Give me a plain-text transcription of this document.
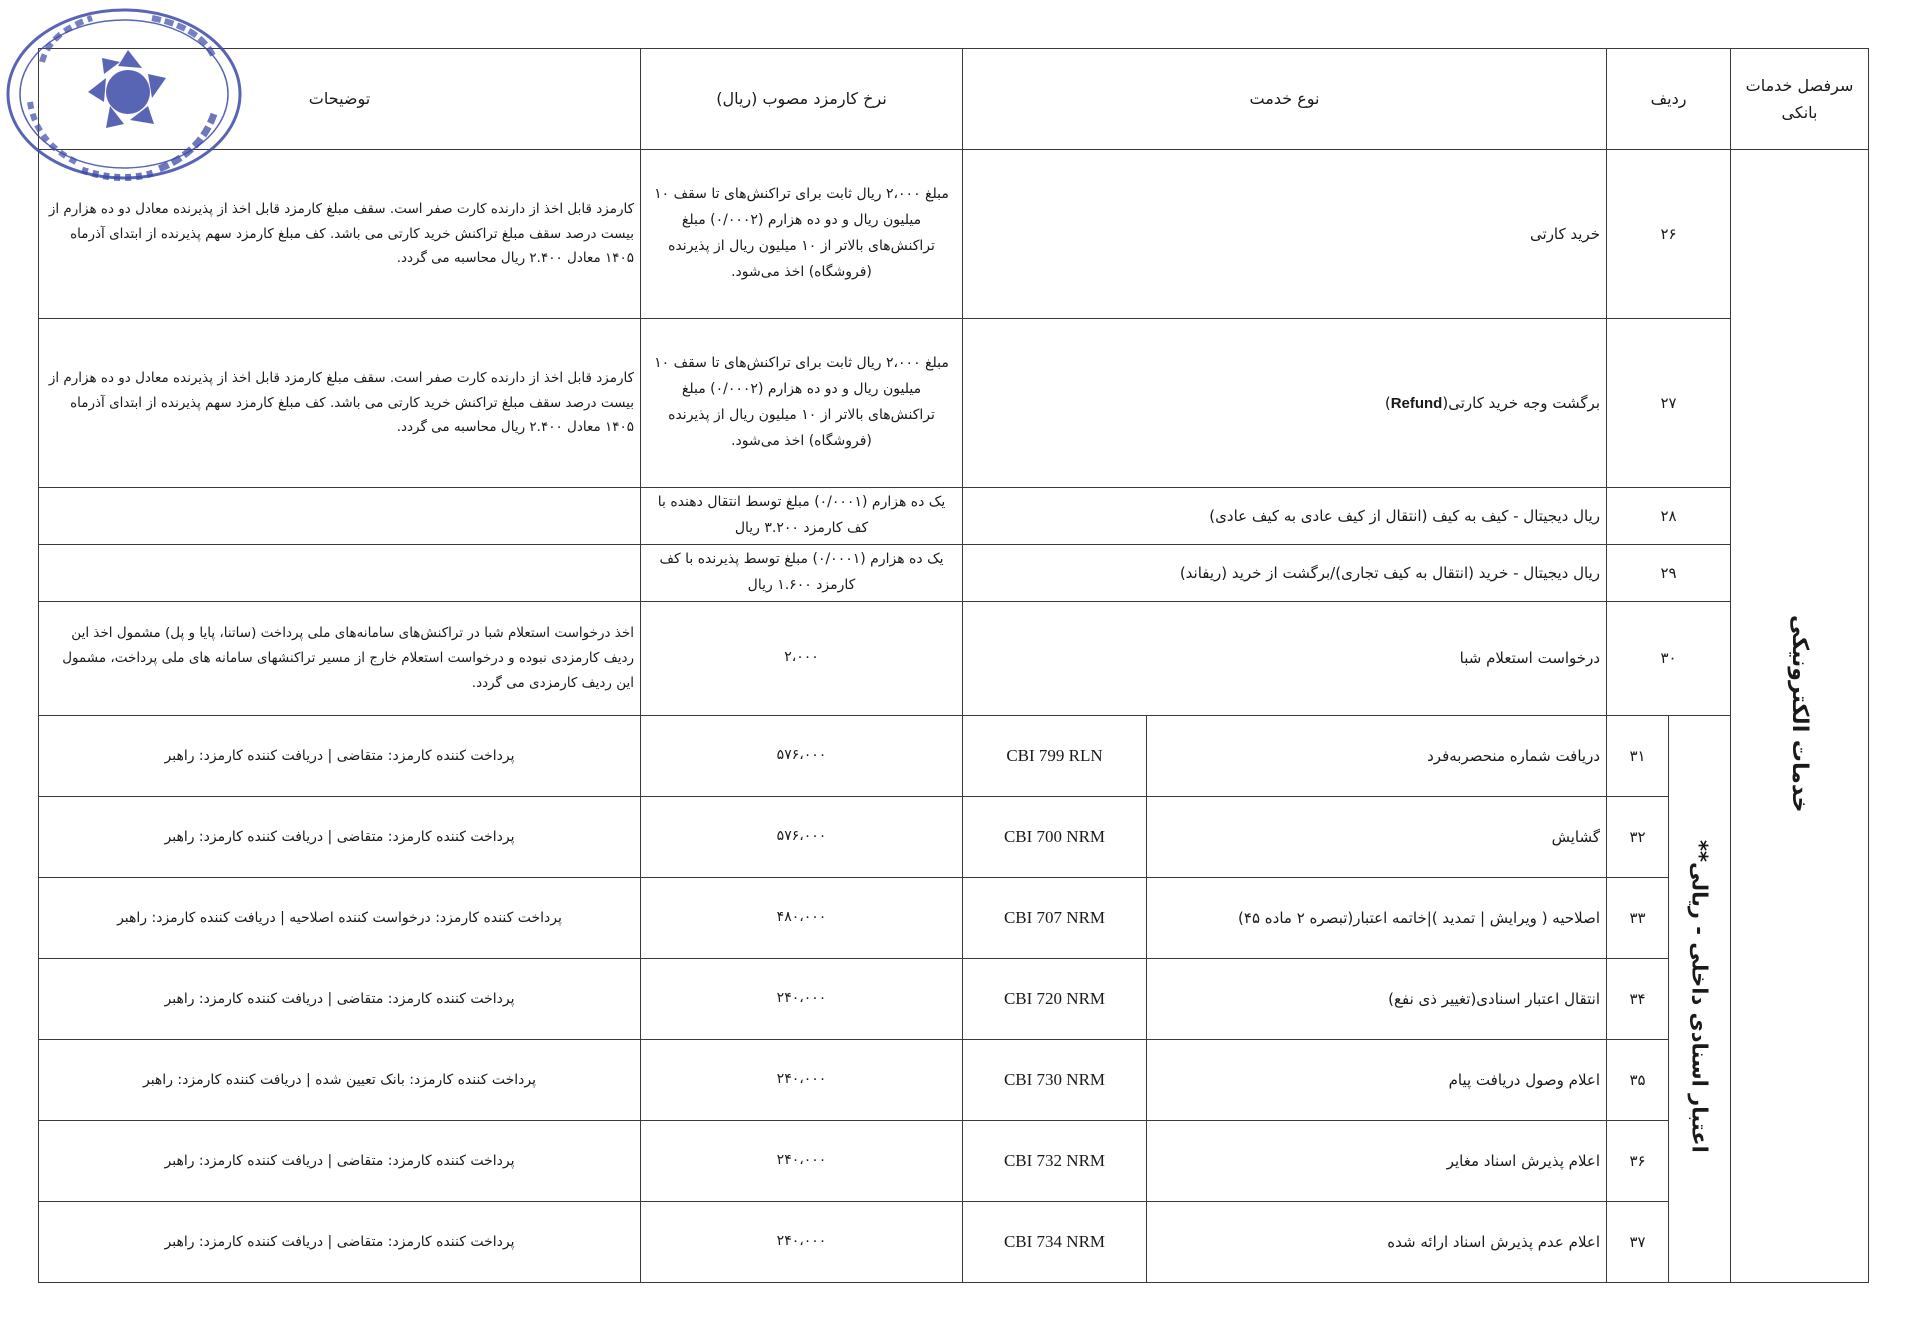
سرفصل خدمات بانکی	ردیف		نوع خدمت		نرخ کارمزد مصوب (ریال)	توضیحات
خدمات الکترونیکی	۲۶		خرید کارتی		مبلغ ۲،۰۰۰ ریال ثابت برای تراکنش‌های تا سقف ۱۰ میلیون ریال و دو ده هزارم (۰/۰۰۰۲) مبلغ تراکنش‌های بالاتر از ۱۰ میلیون ریال از پذیرنده (فروشگاه) اخذ می‌شود.	کارمزد قابل اخذ از دارنده کارت صفر است. سقف مبلغ کارمزد قابل اخذ از پذیرنده معادل دو ده هزارم از بیست درصد سقف مبلغ تراکنش خرید کارتی می باشد. کف مبلغ کارمزد سهم پذیرنده از ابتدای آذرماه ۱۴۰۵ معادل ۲.۴۰۰ ریال محاسبه می گردد.
	۲۷		برگشت وجه خرید کارتی(Refund)		مبلغ ۲،۰۰۰ ریال ثابت برای تراکنش‌های تا سقف ۱۰ میلیون ریال و دو ده هزارم (۰/۰۰۰۲) مبلغ تراکنش‌های بالاتر از ۱۰ میلیون ریال از پذیرنده (فروشگاه) اخذ می‌شود.	کارمزد قابل اخذ از دارنده کارت صفر است. سقف مبلغ کارمزد قابل اخذ از پذیرنده معادل دو ده هزارم از بیست درصد سقف مبلغ تراکنش خرید کارتی می باشد. کف مبلغ کارمزد سهم پذیرنده از ابتدای آذرماه ۱۴۰۵ معادل ۲.۴۰۰ ریال محاسبه می گردد.
	۲۸		ریال دیجیتال - کیف به کیف (انتقال از کیف عادی به کیف عادی)		یک ده هزارم (۰/۰۰۰۱) مبلغ توسط انتقال دهنده با کف کارمزد ۳.۲۰۰ ریال	
	۲۹		ریال دیجیتال - خرید (انتقال به کیف تجاری)/برگشت از خرید (ریفاند)		یک ده هزارم (۰/۰۰۰۱) مبلغ توسط پذیرنده با کف کارمزد ۱.۶۰۰ ریال	
	۳۰		درخواست استعلام شبا		۲،۰۰۰	اخذ درخواست استعلام شبا در تراکنش‌های سامانه‌های ملی پرداخت (ساتنا، پایا و پل) مشمول اخذ این ردیف کارمزدی نبوده و درخواست استعلام خارج از مسیر تراکنشهای سامانه های ملی پرداخت، مشمول این ردیف کارمزدی می گردد.
	اعتبار اسنادی داخلی - ریالی**	۳۱	دریافت شماره منحصربه‌فرد	CBI 799 RLN	۵۷۶،۰۰۰	پرداخت کننده کارمزد: متقاضی | دریافت کننده کارمزد: راهبر
		۳۲	گشایش	CBI 700 NRM	۵۷۶،۰۰۰	پرداخت کننده کارمزد: متقاضی | دریافت کننده کارمزد: راهبر
		۳۳	اصلاحیه ( ویرایش | تمدید )|خاتمه اعتبار(تبصره ۲ ماده ۴۵)	CBI 707 NRM	۴۸۰،۰۰۰	پرداخت کننده کارمزد: درخواست کننده اصلاحیه | دریافت کننده کارمزد: راهبر
		۳۴	انتقال اعتبار اسنادی(تغییر ذی نفع)	CBI 720 NRM	۲۴۰،۰۰۰	پرداخت کننده کارمزد: متقاضی | دریافت کننده کارمزد: راهبر
		۳۵	اعلام وصول دریافت پیام	CBI 730 NRM	۲۴۰،۰۰۰	پرداخت کننده کارمزد: بانک تعیین شده | دریافت کننده کارمزد: راهبر
		۳۶	اعلام پذیرش اسناد مغایر	CBI 732 NRM	۲۴۰،۰۰۰	پرداخت کننده کارمزد: متقاضی | دریافت کننده کارمزد: راهبر
		۳۷	اعلام عدم پذیرش اسناد ارائه شده	CBI 734 NRM	۲۴۰،۰۰۰	پرداخت کننده کارمزد: متقاضی | دریافت کننده کارمزد: راهبر
